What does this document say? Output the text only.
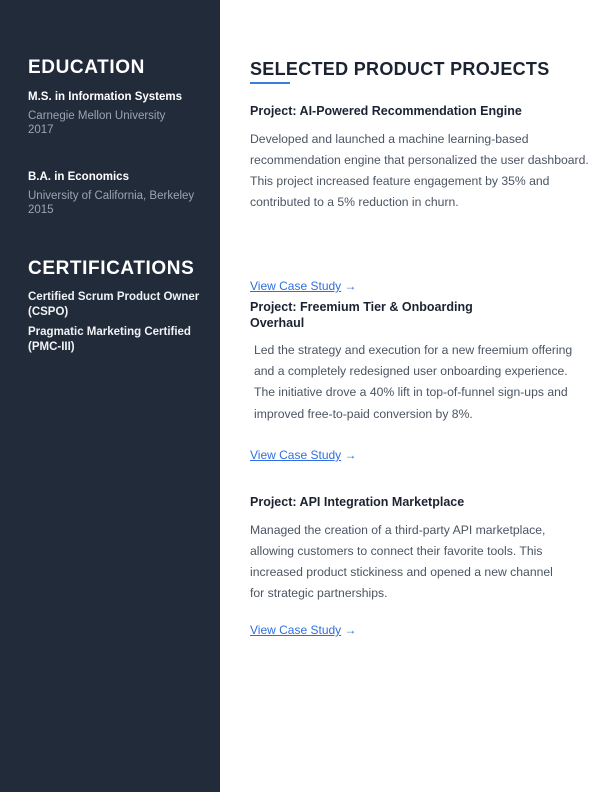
EDUCATION

M.S. in Information Systems

Carnegie Mellon University

2017

B.A. in Economics

University of California, Berkeley

2015

CERTIFICATIONS
Certified Scrum Product Owner (CSPO)
Pragmatic Marketing Certified (PMC-III)
SELECTED PRODUCT PROJECTS
Project: AI-Powered Recommendation Engine

Developed and launched a machine learning-based recommendation engine that personalized the user dashboard. This project increased feature engagement by 35% and contributed to a 5% reduction in churn.

View Case Study →
Project: Freemium Tier & Onboarding Overhaul

Led the strategy and execution for a new freemium offering and a completely redesigned user onboarding experience. The initiative drove a 40% lift in top-of-funnel sign-ups and improved free-to-paid conversion by 8%.

View Case Study →
Project: API Integration Marketplace

Managed the creation of a third-party API marketplace, allowing customers to connect their favorite tools. This increased product stickiness and opened a new channel for strategic partnerships.

View Case Study →
